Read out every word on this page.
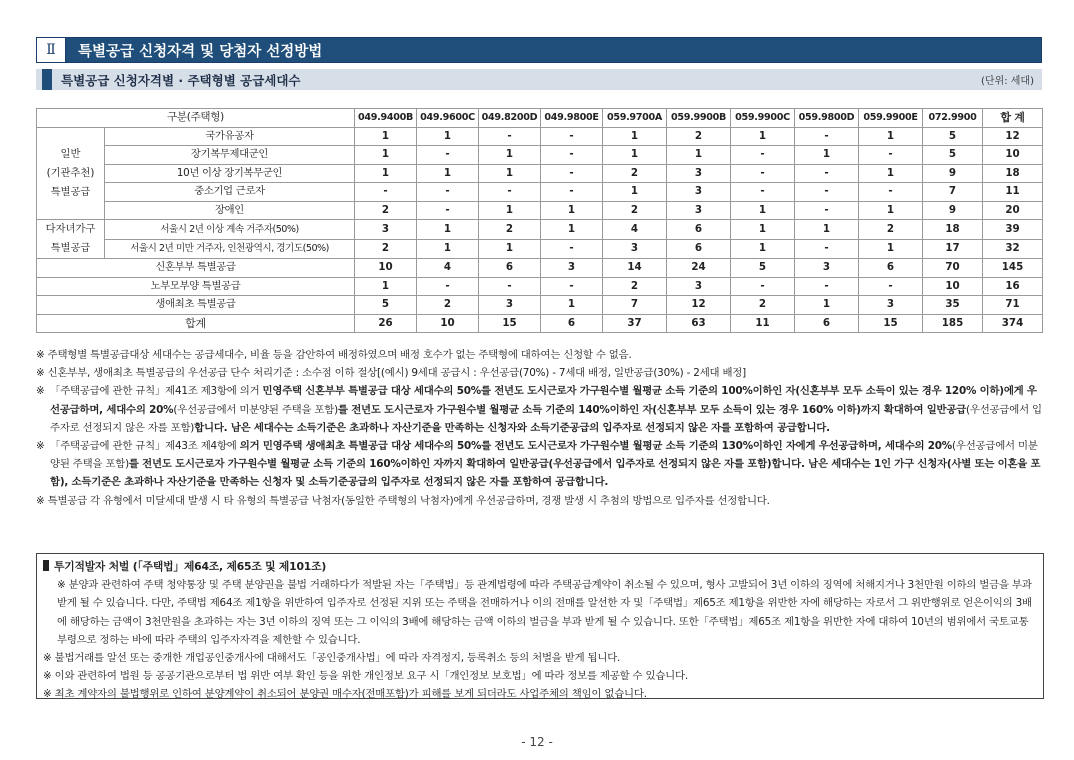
Ⅱ	특별공급 신청자격 및 당첨자 선정방법
특별공급 신청자격별 · 주택형별 공급세대수	(단위: 세대)
구분(주택형)		049.9400B	049.9600C	049.8200D	049.9800E	059.9700A	059.9900B	059.9900C	059.9800D	059.9900E	072.9900	합 계
일반
(기관추천)
특별공급	국가유공자	1	1	-	-	1	2	1	-	1	5	12
	장기복무제대군인	1	-	1	-	1	1	-	1	-	5	10
	10년 이상 장기복무군인	1	1	1	-	2	3	-	-	1	9	18
	중소기업 근로자	-	-	-	-	1	3	-	-	-	7	11
	장애인	2	-	1	1	2	3	1	-	1	9	20
다자녀가구
특별공급	서울시 2년 이상 계속 거주자(50%)	3	1	2	1	4	6	1	1	2	18	39
	서울시 2년 미만 거주자, 인천광역시, 경기도(50%)	2	1	1	-	3	6	1	-	1	17	32
신혼부부 특별공급		10	4	6	3	14	24	5	3	6	70	145
노부모부양 특별공급		1	-	-	-	2	3	-	-	-	10	16
생애최초 특별공급		5	2	3	1	7	12	2	1	3	35	71
합계		26	10	15	6	37	63	11	6	15	185	374
※ 주택형별 특별공급대상 세대수는 공급세대수, 비율 등을 감안하여 배정하였으며 배정 호수가 없는 주택형에 대하여는 신청할 수 없음.
※ 신혼부부, 생애최초 특별공급의 우선공급 단수 처리기준 : 소수점 이하 절상[(예시) 9세대 공급시 : 우선공급(70%) - 7세대 배정, 일반공급(30%) - 2세대 배정]
※ 「주택공급에 관한 규칙」제41조 제3항에 의거 민영주택 신혼부부 특별공급 대상 세대수의 50%를 전년도 도시근로자 가구원수별 월평균 소득 기준의 100%이하인 자(신혼부부 모두 소득이 있는 경우 120% 이하)에게 우선공급하며, 세대수의 20%(우선공급에서 미분양된 주택을 포함)를 전년도 도시근로자 가구원수별 월평균 소득 기준의 140%이하인 자(신혼부부 모두 소득이 있는 경우 160% 이하)까지 확대하여 일반공급(우선공급에서 입주자로 선정되지 않은 자를 포함)합니다. 남은 세대수는 소득기준은 초과하나 자산기준을 만족하는 신청자와 소득기준공급의 입주자로 선정되지 않은 자를 포함하여 공급합니다.
※ 「주택공급에 관한 규칙」제43조 제4항에 의거 민영주택 생애최초 특별공급 대상 세대수의 50%를 전년도 도시근로자 가구원수별 월평균 소득 기준의 130%이하인 자에게 우선공급하며, 세대수의 20%(우선공급에서 미분양된 주택을 포함)를 전년도 도시근로자 가구원수별 월평균 소득 기준의 160%이하인 자까지 확대하여 일반공급(우선공급에서 입주자로 선정되지 않은 자를 포함)합니다. 남은 세대수는 1인 가구 신청자(사별 또는 이혼을 포함), 소득기준은 초과하나 자산기준을 만족하는 신청자 및 소득기준공급의 입주자로 선정되지 않은 자를 포함하여 공급합니다.
※ 특별공급 각 유형에서 미달세대 발생 시 타 유형의 특별공급 낙첨자(동일한 주택형의 낙첨자)에게 우선공급하며, 경쟁 발생 시 추첨의 방법으로 입주자를 선정합니다.
투기적발자 처벌 (「주택법」제64조, 제65조 및 제101조)
※ 분양과 관련하여 주택 청약통장 및 주택 분양권을 불법 거래하다가 적발된 자는「주택법」등 관계법령에 따라 주택공급계약이 취소될 수 있으며, 형사 고발되어 3년 이하의 징역에 처해지거나 3천만원 이하의 벌금을 부과 받게 될 수 있습니다. 다만, 주택법 제64조 제1항을 위반하여 입주자로 선정된 지위 또는 주택을 전매하거나 이의 전매를 알선한 자 및「주택법」제65조 제1항을 위반한 자에 해당하는 자로서 그 위반행위로 얻은이익의 3배에 해당하는 금액이 3천만원을 초과하는 자는 3년 이하의 징역 또는 그 이익의 3배에 해당하는 금액 이하의 벌금을 부과 받게 될 수 있습니다. 또한「주택법」제65조 제1항을 위반한 자에 대하여 10년의 범위에서 국토교통부령으로 정하는 바에 따라 주택의 입주자자격을 제한할 수 있습니다.
※ 불법거래를 알선 또는 중개한 개업공인중개사에 대해서도「공인중개사법」에 따라 자격정지, 등록취소 등의 처벌을 받게 됩니다.
※ 이와 관련하여 법원 등 공공기관으로부터 법 위반 여부 확인 등을 위한 개인정보 요구 시「개인정보 보호법」에 따라 정보를 제공할 수 있습니다.
※ 최초 계약자의 불법행위로 인하여 분양계약이 취소되어 분양권 매수자(전매포함)가 피해를 보게 되더라도 사업주체의 책임이 없습니다.
- 12 -
